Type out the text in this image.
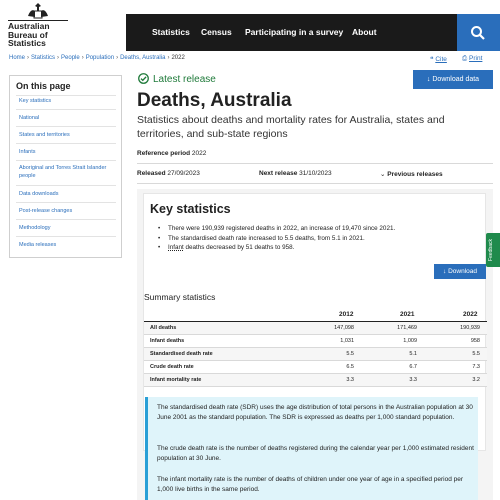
Australian
Bureau of
Statistics
Statistics Census Participating in a survey About
Home › Statistics › People › Population › Deaths, Australia › 2022	❝ Cite ⎙ Print
On this page
Key statistics
National
States and territories
Infants
Aboriginal and Torres Strait Islander people
Data downloads
Post-release changes
Methodology
Media releases
Latest release	↓ Download data
Deaths, Australia
Statistics about deaths and mortality rates for Australia, states and territories, and sub-state regions
Reference period 2022
Released 27/09/2023	Next release 31/10/2023	⌄ Previous releases
Key statistics
• There were 190,939 registered deaths in 2022, an increase of 19,470 since 2021.
• The standardised death rate increased to 5.5 deaths, from 5.1 in 2021.
• Infant deaths decreased by 51 deaths to 958.
↓ Download
Summary statistics
2012	2021	2022
All deaths	147,098	171,469	190,939
Infant deaths	1,031	1,009	958
Standardised death rate	5.5	5.1	5.5
Crude death rate	6.5	6.7	7.3
Infant mortality rate	3.3	3.3	3.2
The standardised death rate (SDR) uses the age distribution of total persons in the Australian population at 30 June 2001 as the standard population. The SDR is expressed as deaths per 1,000 standard population.
The crude death rate is the number of deaths registered during the calendar year per 1,000 estimated resident population at 30 June.
The infant mortality rate is the number of deaths of children under one year of age in a specified period per 1,000 live births in the same period.
Feedback
